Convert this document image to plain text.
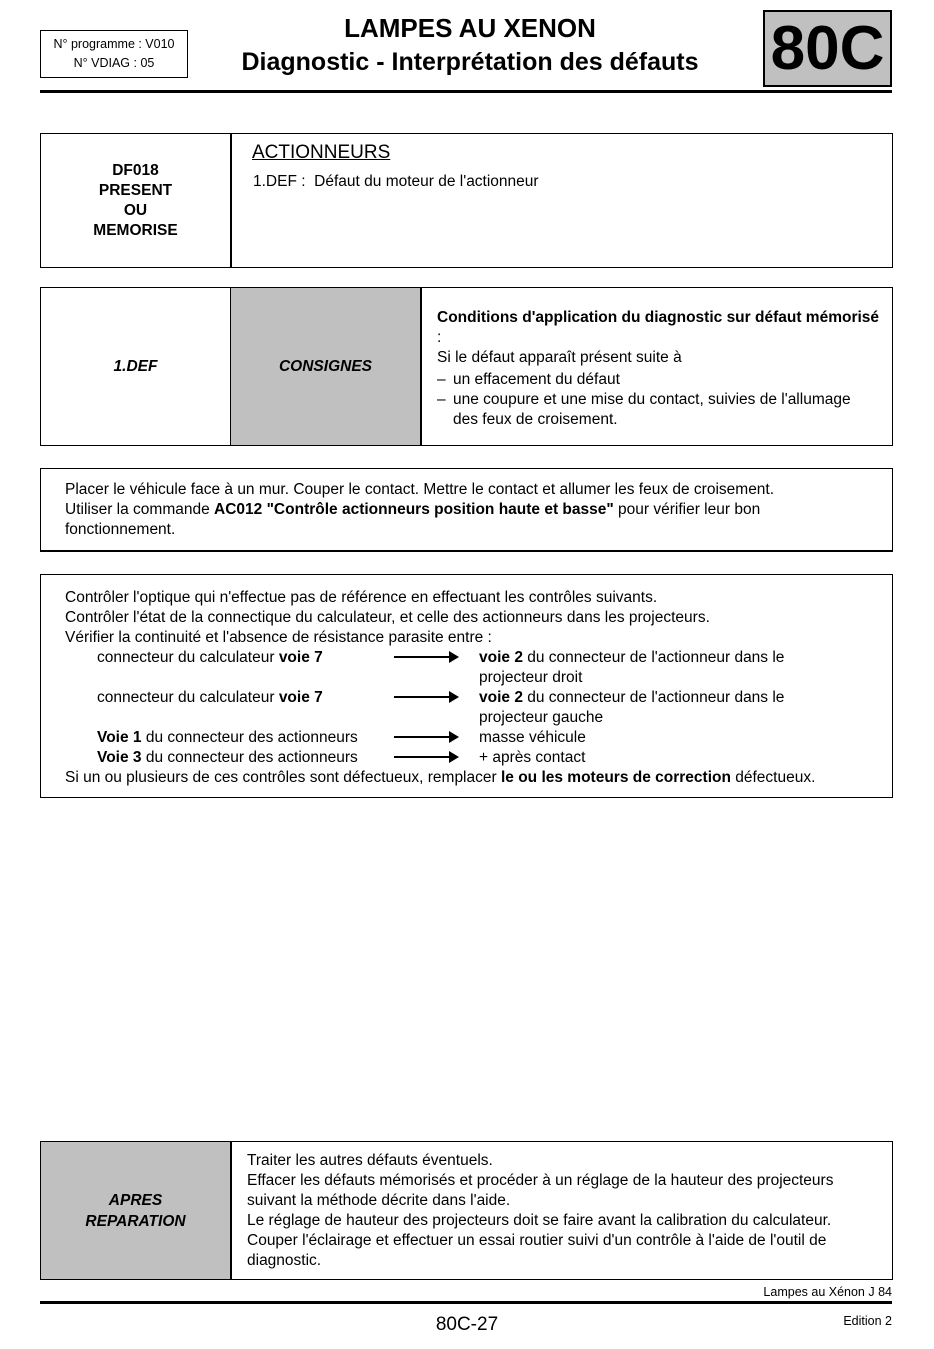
N° programme : V010
N° VDIAG : 05
LAMPES AU XENON
Diagnostic - Interprétation des défauts	80C
DF018
PRESENT
OU
MEMORISE
ACTIONNEURS
1.DEF : Défaut du moteur de l'actionneur
1.DEF	CONSIGNES
Conditions d'application du diagnostic sur défaut mémorisé :
Si le défaut apparaît présent suite à
– un effacement du défaut
– une coupure et une mise du contact, suivies de l'allumage
des feux de croisement.
Placer le véhicule face à un mur. Couper le contact. Mettre le contact et allumer les feux de croisement.
Utiliser la commande AC012 "Contrôle actionneurs position haute et basse" pour vérifier leur bon
fonctionnement.
Contrôler l'optique qui n'effectue pas de référence en effectuant les contrôles suivants.
Contrôler l'état de la connectique du calculateur, et celle des actionneurs dans les projecteurs.
Vérifier la continuité et l'absence de résistance parasite entre :
connecteur du calculateur voie 7	voie 2 du connecteur de l'actionneur dans le
projecteur droit
connecteur du calculateur voie 7	voie 2 du connecteur de l'actionneur dans le
projecteur gauche
Voie 1 du connecteur des actionneurs	masse véhicule
Voie 3 du connecteur des actionneurs	+ après contact
Si un ou plusieurs de ces contrôles sont défectueux, remplacer le ou les moteurs de correction défectueux.
APRES
REPARATION
Traiter les autres défauts éventuels.
Effacer les défauts mémorisés et procéder à un réglage de la hauteur des projecteurs
suivant la méthode décrite dans l'aide.
Le réglage de hauteur des projecteurs doit se faire avant la calibration du calculateur.
Couper l'éclairage et effectuer un essai routier suivi d'un contrôle à l'aide de l'outil de
diagnostic.
Lampes au Xénon J 84
80C-27	Edition 2
